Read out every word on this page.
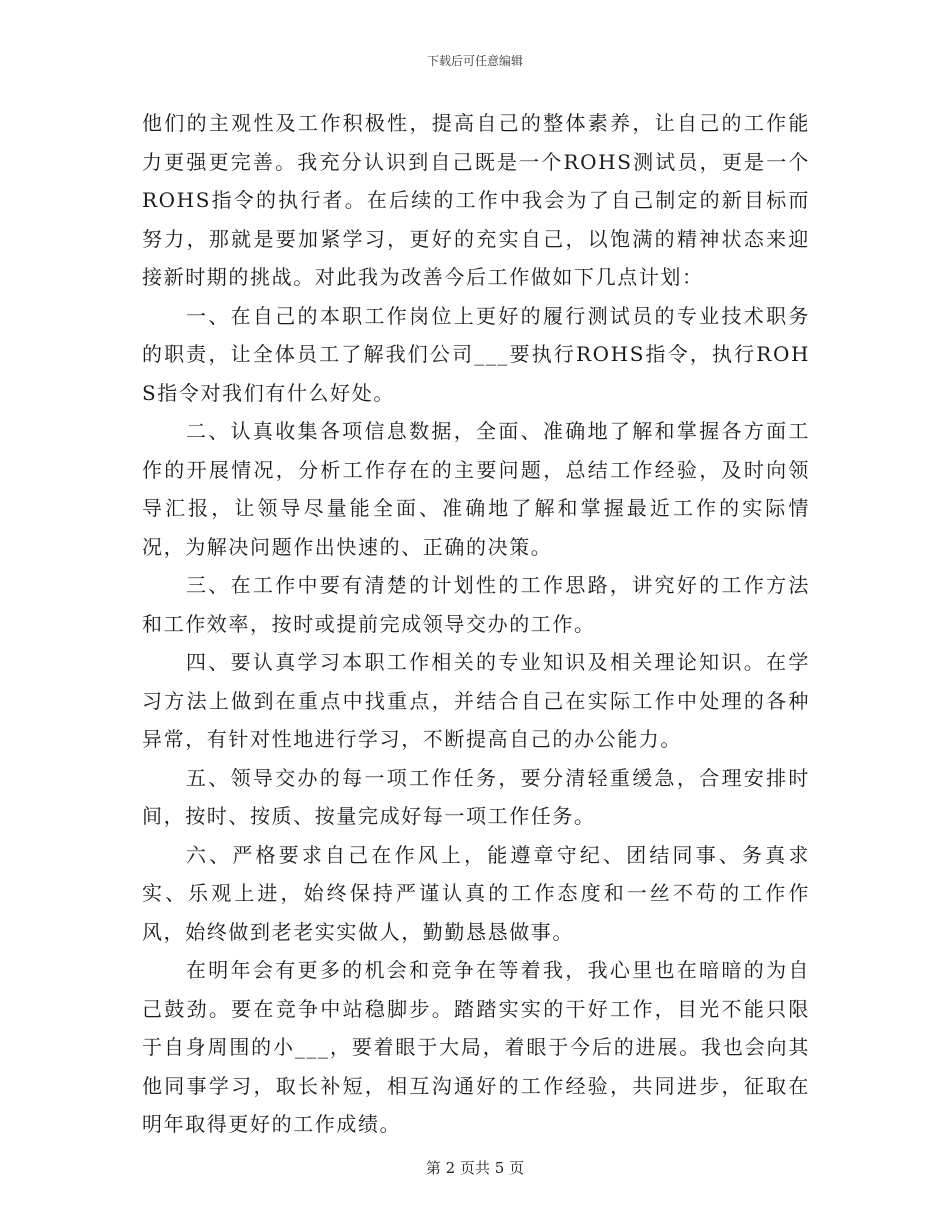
下载后可任意编辑

他们的主观性及工作积极性，提高自己的整体素养，让自己的工作能力更强更完善。我充分认识到自己既是一个ROHS测试员，更是一个ROHS指令的执行者。在后续的工作中我会为了自己制定的新目标而努力，那就是要加紧学习，更好的充实自己，以饱满的精神状态来迎接新时期的挑战。对此我为改善今后工作做如下几点计划：

一、在自己的本职工作岗位上更好的履行测试员的专业技术职务的职责，让全体员工了解我们公司___要执行ROHS指令，执行ROHS指令对我们有什么好处。

二、认真收集各项信息数据，全面、准确地了解和掌握各方面工作的开展情况，分析工作存在的主要问题，总结工作经验，及时向领导汇报，让领导尽量能全面、准确地了解和掌握最近工作的实际情况，为解决问题作出快速的、正确的决策。

三、在工作中要有清楚的计划性的工作思路，讲究好的工作方法和工作效率，按时或提前完成领导交办的工作。

四、要认真学习本职工作相关的专业知识及相关理论知识。在学习方法上做到在重点中找重点，并结合自己在实际工作中处理的各种异常，有针对性地进行学习，不断提高自己的办公能力。

五、领导交办的每一项工作任务，要分清轻重缓急，合理安排时间，按时、按质、按量完成好每一项工作任务。

六、严格要求自己在作风上，能遵章守纪、团结同事、务真求实、乐观上进，始终保持严谨认真的工作态度和一丝不苟的工作作风，始终做到老老实实做人，勤勤恳恳做事。

在明年会有更多的机会和竞争在等着我，我心里也在暗暗的为自己鼓劲。要在竞争中站稳脚步。踏踏实实的干好工作，目光不能只限于自身周围的小___，要着眼于大局，着眼于今后的进展。我也会向其他同事学习，取长补短，相互沟通好的工作经验，共同进步，征取在明年取得更好的工作成绩。

第 2 页共 5 页
